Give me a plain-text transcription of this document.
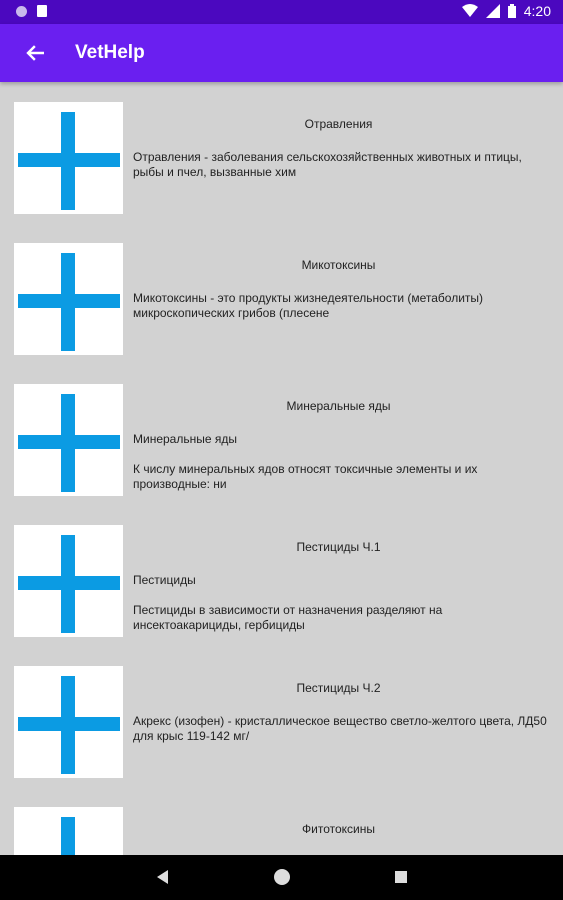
4:20
VetHelp
Отравления

Отравления - заболевания сельскохозяйственных животных и птицы, рыбы и пчел, вызванные хим

Микотоксины

Микотоксины - это продукты жизнедеятельности (метаболиты) микроскопических грибов (плесене

Минеральные яды

Минеральные яды

К числу минеральных ядов относят токсичные элементы и их производные: ни

Пестициды Ч.1

Пестициды

Пестициды в зависимости от назначения разделяют на инсектоакарициды, гербициды

Пестициды Ч.2

Акрекс (изофен) - кристаллическое вещество светло-желтого цвета, ЛД50 для крыс 119-142 мг/

Фитотоксины
